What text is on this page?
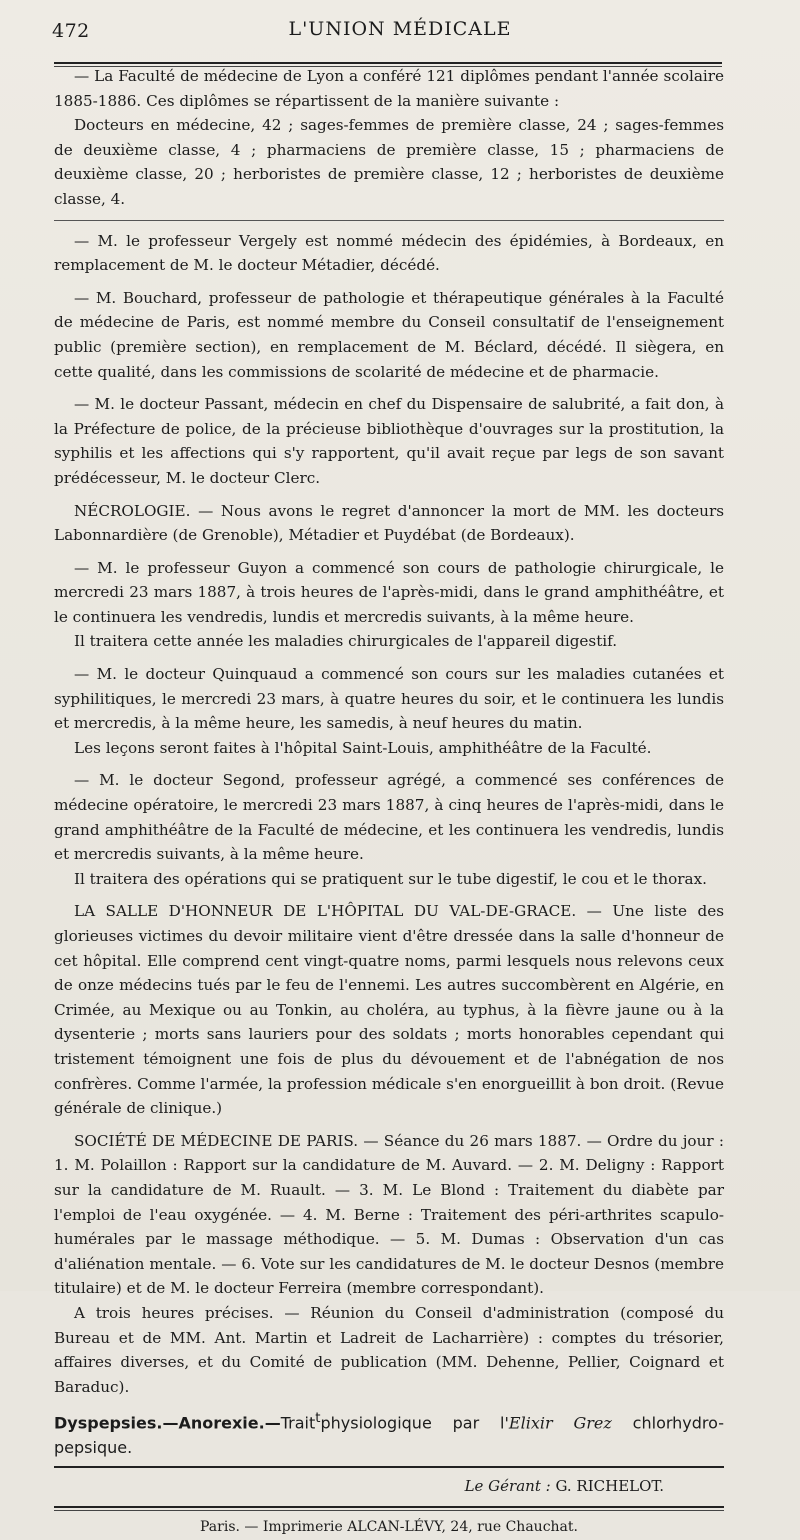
472	L'UNION MÉDICALE

— La Faculté de médecine de Lyon a conféré 121 diplômes pendant l'année scolaire 1885-1886. Ces diplômes se répartissent de la manière suivante :

Docteurs en médecine, 42 ; sages-femmes de première classe, 24 ; sages-femmes de deuxième classe, 4 ; pharmaciens de première classe, 15 ; pharmaciens de deuxième classe, 20 ; herboristes de première classe, 12 ; herboristes de deuxième classe, 4.

— M. le professeur Vergely est nommé médecin des épidémies, à Bordeaux, en remplacement de M. le docteur Métadier, décédé.

— M. Bouchard, professeur de pathologie et thérapeutique générales à la Faculté de médecine de Paris, est nommé membre du Conseil consultatif de l'enseignement public (première section), en remplacement de M. Béclard, décédé. Il siègera, en cette qualité, dans les commissions de scolarité de médecine et de pharmacie.

— M. le docteur Passant, médecin en chef du Dispensaire de salubrité, a fait don, à la Préfecture de police, de la précieuse bibliothèque d'ouvrages sur la prostitution, la syphilis et les affections qui s'y rapportent, qu'il avait reçue par legs de son savant prédécesseur, M. le docteur Clerc.

NÉCROLOGIE. — Nous avons le regret d'annoncer la mort de MM. les docteurs Labonnardière (de Grenoble), Métadier et Puydébat (de Bordeaux).

— M. le professeur Guyon a commencé son cours de pathologie chirurgicale, le mercredi 23 mars 1887, à trois heures de l'après-midi, dans le grand amphithéâtre, et le continuera les vendredis, lundis et mercredis suivants, à la même heure.

Il traitera cette année les maladies chirurgicales de l'appareil digestif.

— M. le docteur Quinquaud a commencé son cours sur les maladies cutanées et syphilitiques, le mercredi 23 mars, à quatre heures du soir, et le continuera les lundis et mercredis, à la même heure, les samedis, à neuf heures du matin.

Les leçons seront faites à l'hôpital Saint-Louis, amphithéâtre de la Faculté.

— M. le docteur Segond, professeur agrégé, a commencé ses conférences de médecine opératoire, le mercredi 23 mars 1887, à cinq heures de l'après-midi, dans le grand amphithéâtre de la Faculté de médecine, et les continuera les vendredis, lundis et mercredis suivants, à la même heure.

Il traitera des opérations qui se pratiquent sur le tube digestif, le cou et le thorax.

LA SALLE D'HONNEUR DE L'HÔPITAL DU VAL-DE-GRACE. — Une liste des glorieuses victimes du devoir militaire vient d'être dressée dans la salle d'honneur de cet hôpital. Elle comprend cent vingt-quatre noms, parmi lesquels nous relevons ceux de onze médecins tués par le feu de l'ennemi. Les autres succombèrent en Algérie, en Crimée, au Mexique ou au Tonkin, au choléra, au typhus, à la fièvre jaune ou à la dysenterie ; morts sans lauriers pour des soldats ; morts honorables cependant qui tristement témoignent une fois de plus du dévouement et de l'abnégation de nos confrères. Comme l'armée, la profession médicale s'en enorgueillit à bon droit. (Revue générale de clinique.)

SOCIÉTÉ DE MÉDECINE DE PARIS. — Séance du 26 mars 1887. — Ordre du jour : 1. M. Polaillon : Rapport sur la candidature de M. Auvard. — 2. M. Deligny : Rapport sur la candidature de M. Ruault. — 3. M. Le Blond : Traitement du diabète par l'emploi de l'eau oxygénée. — 4. M. Berne : Traitement des péri-arthrites scapulo-humérales par le massage méthodique. — 5. M. Dumas : Observation d'un cas d'aliénation mentale. — 6. Vote sur les candidatures de M. le docteur Desnos (membre titulaire) et de M. le docteur Ferreira (membre correspondant).

A trois heures précises. — Réunion du Conseil d'administration (composé du Bureau et de MM. Ant. Martin et Ladreit de Lacharrière) : comptes du trésorier, affaires diverses, et du Comité de publication (MM. Dehenne, Pellier, Coignard et Baraduc).

Dyspepsies.—Anorexie.—Trait$^t$physiologique par l'Elixir Grez chlorhydro-pepsique.
Le Gérant : G. RICHELOT.
Paris. — Imprimerie ALCAN-LÉVY, 24, rue Chauchat.
